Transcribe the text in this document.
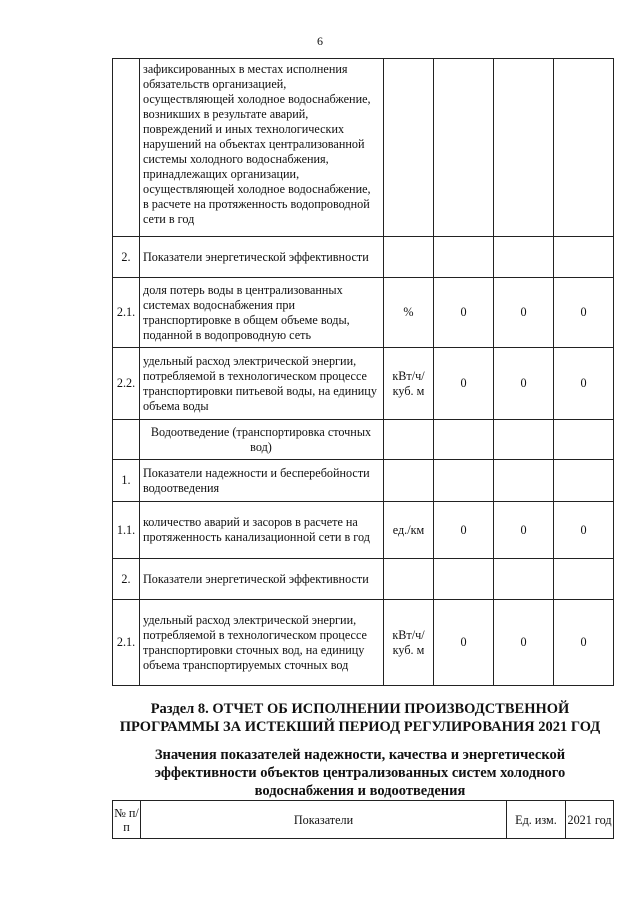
6
	зафиксированных в местах исполнения обязательств организацией, осуществляющей холодное водоснабжение, возникших в результате аварий, повреждений и иных технологических нарушений на объектах централизованной системы холодного водоснабжения, принадлежащих организации, осуществляющей холодное водоснабжение, в расчете на протяженность водопроводной сети в год				
2.	Показатели энергетической эффективности				
2.1.	доля потерь воды в централизованных системах водоснабжения при транспортировке в общем объеме воды, поданной в водопроводную сеть	%	0	0	0
2.2.	удельный расход электрической энергии, потребляемой в технологическом процессе транспортировки питьевой воды, на единицу объема воды	кВт/ч/ куб. м	0	0	0
	Водоотведение (транспортировка сточных вод)				
1.	Показатели надежности и бесперебойности водоотведения				
1.1.	количество аварий и засоров в расчете на протяженность канализационной сети в год	ед./км	0	0	0
2.	Показатели энергетической эффективности				
2.1.	удельный расход электрической энергии, потребляемой в технологическом процессе транспортировки сточных вод, на единицу объема транспортируемых сточных вод	кВт/ч/ куб. м	0	0	0
Раздел 8. ОТЧЕТ ОБ ИСПОЛНЕНИИ ПРОИЗВОДСТВЕННОЙ ПРОГРАММЫ ЗА ИСТЕКШИЙ ПЕРИОД РЕГУЛИРОВАНИЯ 2021 ГОД
Значения показателей надежности, качества и энергетической эффективности объектов централизованных систем холодного водоснабжения и водоотведения
№ п/п	Показатели	Ед. изм.	2021 год
